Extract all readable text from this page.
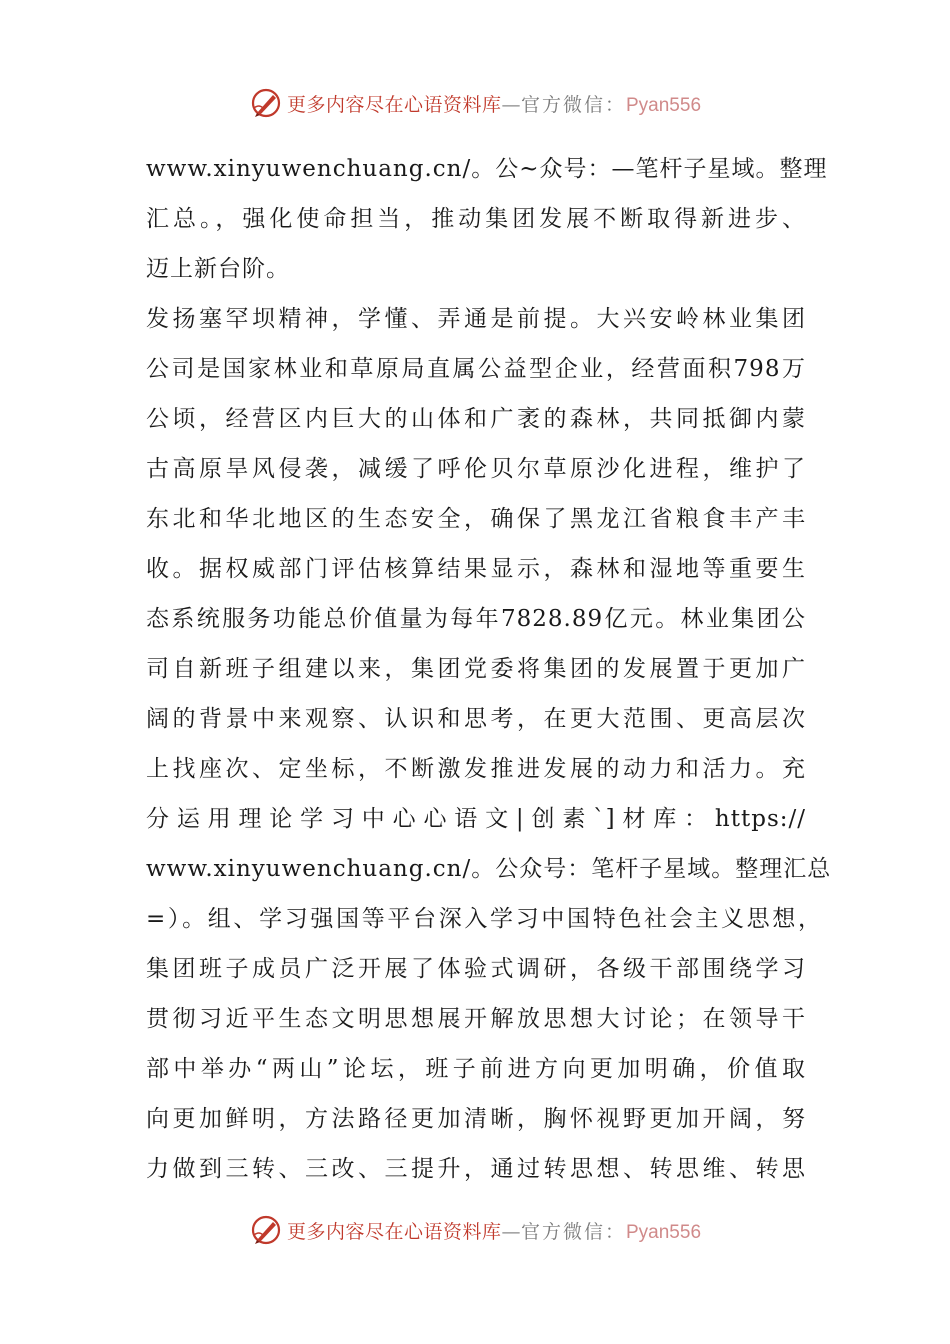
更多内容尽在心语资料库—官方微信：Pyan556
www.xinyuwenchuang.cn/。公~众号：—笔杆子星域。整理
汇总。，强化使命担当，推动集团发展不断取得新进步、
迈上新台阶。
发扬塞罕坝精神，学懂、弄通是前提。大兴安岭林业集团
公司是国家林业和草原局直属公益型企业，经营面积798万
公顷，经营区内巨大的山体和广袤的森林，共同抵御内蒙
古高原旱风侵袭，减缓了呼伦贝尔草原沙化进程，维护了
东北和华北地区的生态安全，确保了黑龙江省粮食丰产丰
收。据权威部门评估核算结果显示，森林和湿地等重要生
态系统服务功能总价值量为每年7828.89亿元。林业集团公
司自新班子组建以来，集团党委将集团的发展置于更加广
阔的背景中来观察、认识和思考，在更大范围、更高层次
上找座次、定坐标，不断激发推进发展的动力和活力。充
分运用理论学习中心心语文|创素`]材库：https://
www.xinyuwenchuang.cn/。公众号：笔杆子星域。整理汇总
=）。组、学习强国等平台深入学习中国特色社会主义思想，
集团班子成员广泛开展了体验式调研，各级干部围绕学习
贯彻习近平生态文明思想展开解放思想大讨论；在领导干
部中举办“两山”论坛，班子前进方向更加明确，价值取
向更加鲜明，方法路径更加清晰，胸怀视野更加开阔，努
力做到三转、三改、三提升，通过转思想、转思维、转思
更多内容尽在心语资料库—官方微信：Pyan556
